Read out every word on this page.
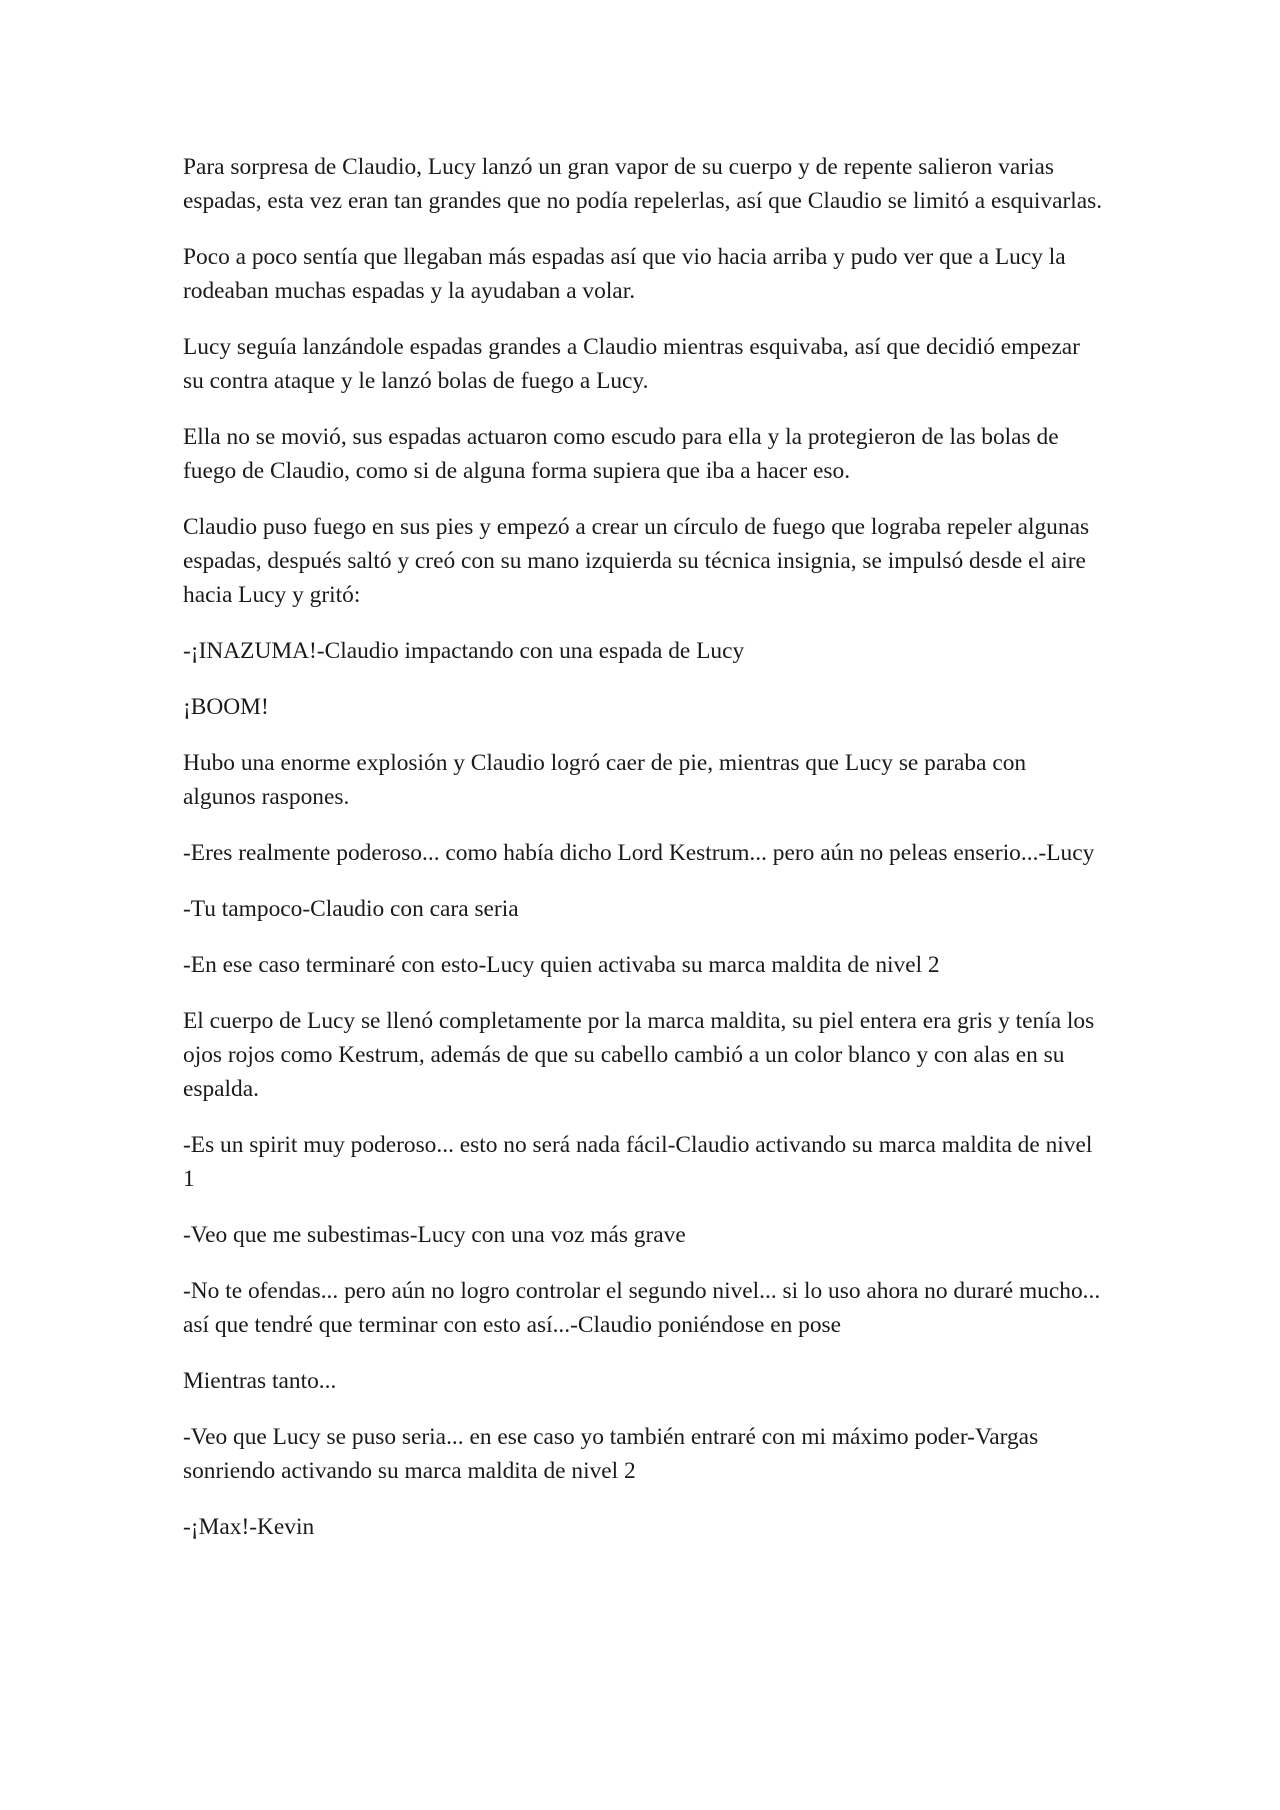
Para sorpresa de Claudio, Lucy lanzó un gran vapor de su cuerpo y de repente salieron varias espadas, esta vez eran tan grandes que no podía repelerlas, así que Claudio se limitó a esquivarlas.

Poco a poco sentía que llegaban más espadas así que vio hacia arriba y pudo ver que a Lucy la rodeaban muchas espadas y la ayudaban a volar.

Lucy seguía lanzándole espadas grandes a Claudio mientras esquivaba, así que decidió empezar su contra ataque y le lanzó bolas de fuego a Lucy.

Ella no se movió, sus espadas actuaron como escudo para ella y la protegieron de las bolas de fuego de Claudio, como si de alguna forma supiera que iba a hacer eso.

Claudio puso fuego en sus pies y empezó a crear un círculo de fuego que lograba repeler algunas espadas, después saltó y creó con su mano izquierda su técnica insignia, se impulsó desde el aire hacia Lucy y gritó:

-¡INAZUMA!-Claudio impactando con una espada de Lucy

¡BOOM!

Hubo una enorme explosión y Claudio logró caer de pie, mientras que Lucy se paraba con algunos raspones.

-Eres realmente poderoso... como había dicho Lord Kestrum... pero aún no peleas enserio...-Lucy

-Tu tampoco-Claudio con cara seria

-En ese caso terminaré con esto-Lucy quien activaba su marca maldita de nivel 2

El cuerpo de Lucy se llenó completamente por la marca maldita, su piel entera era gris y tenía los ojos rojos como Kestrum, además de que su cabello cambió a un color blanco y con alas en su espalda.

-Es un spirit muy poderoso... esto no será nada fácil-Claudio activando su marca maldita de nivel 1

-Veo que me subestimas-Lucy con una voz más grave

-No te ofendas... pero aún no logro controlar el segundo nivel... si lo uso ahora no duraré mucho... así que tendré que terminar con esto así...-Claudio poniéndose en pose

Mientras tanto...

-Veo que Lucy se puso seria... en ese caso yo también entraré con mi máximo poder-Vargas sonriendo activando su marca maldita de nivel 2

-¡Max!-Kevin
